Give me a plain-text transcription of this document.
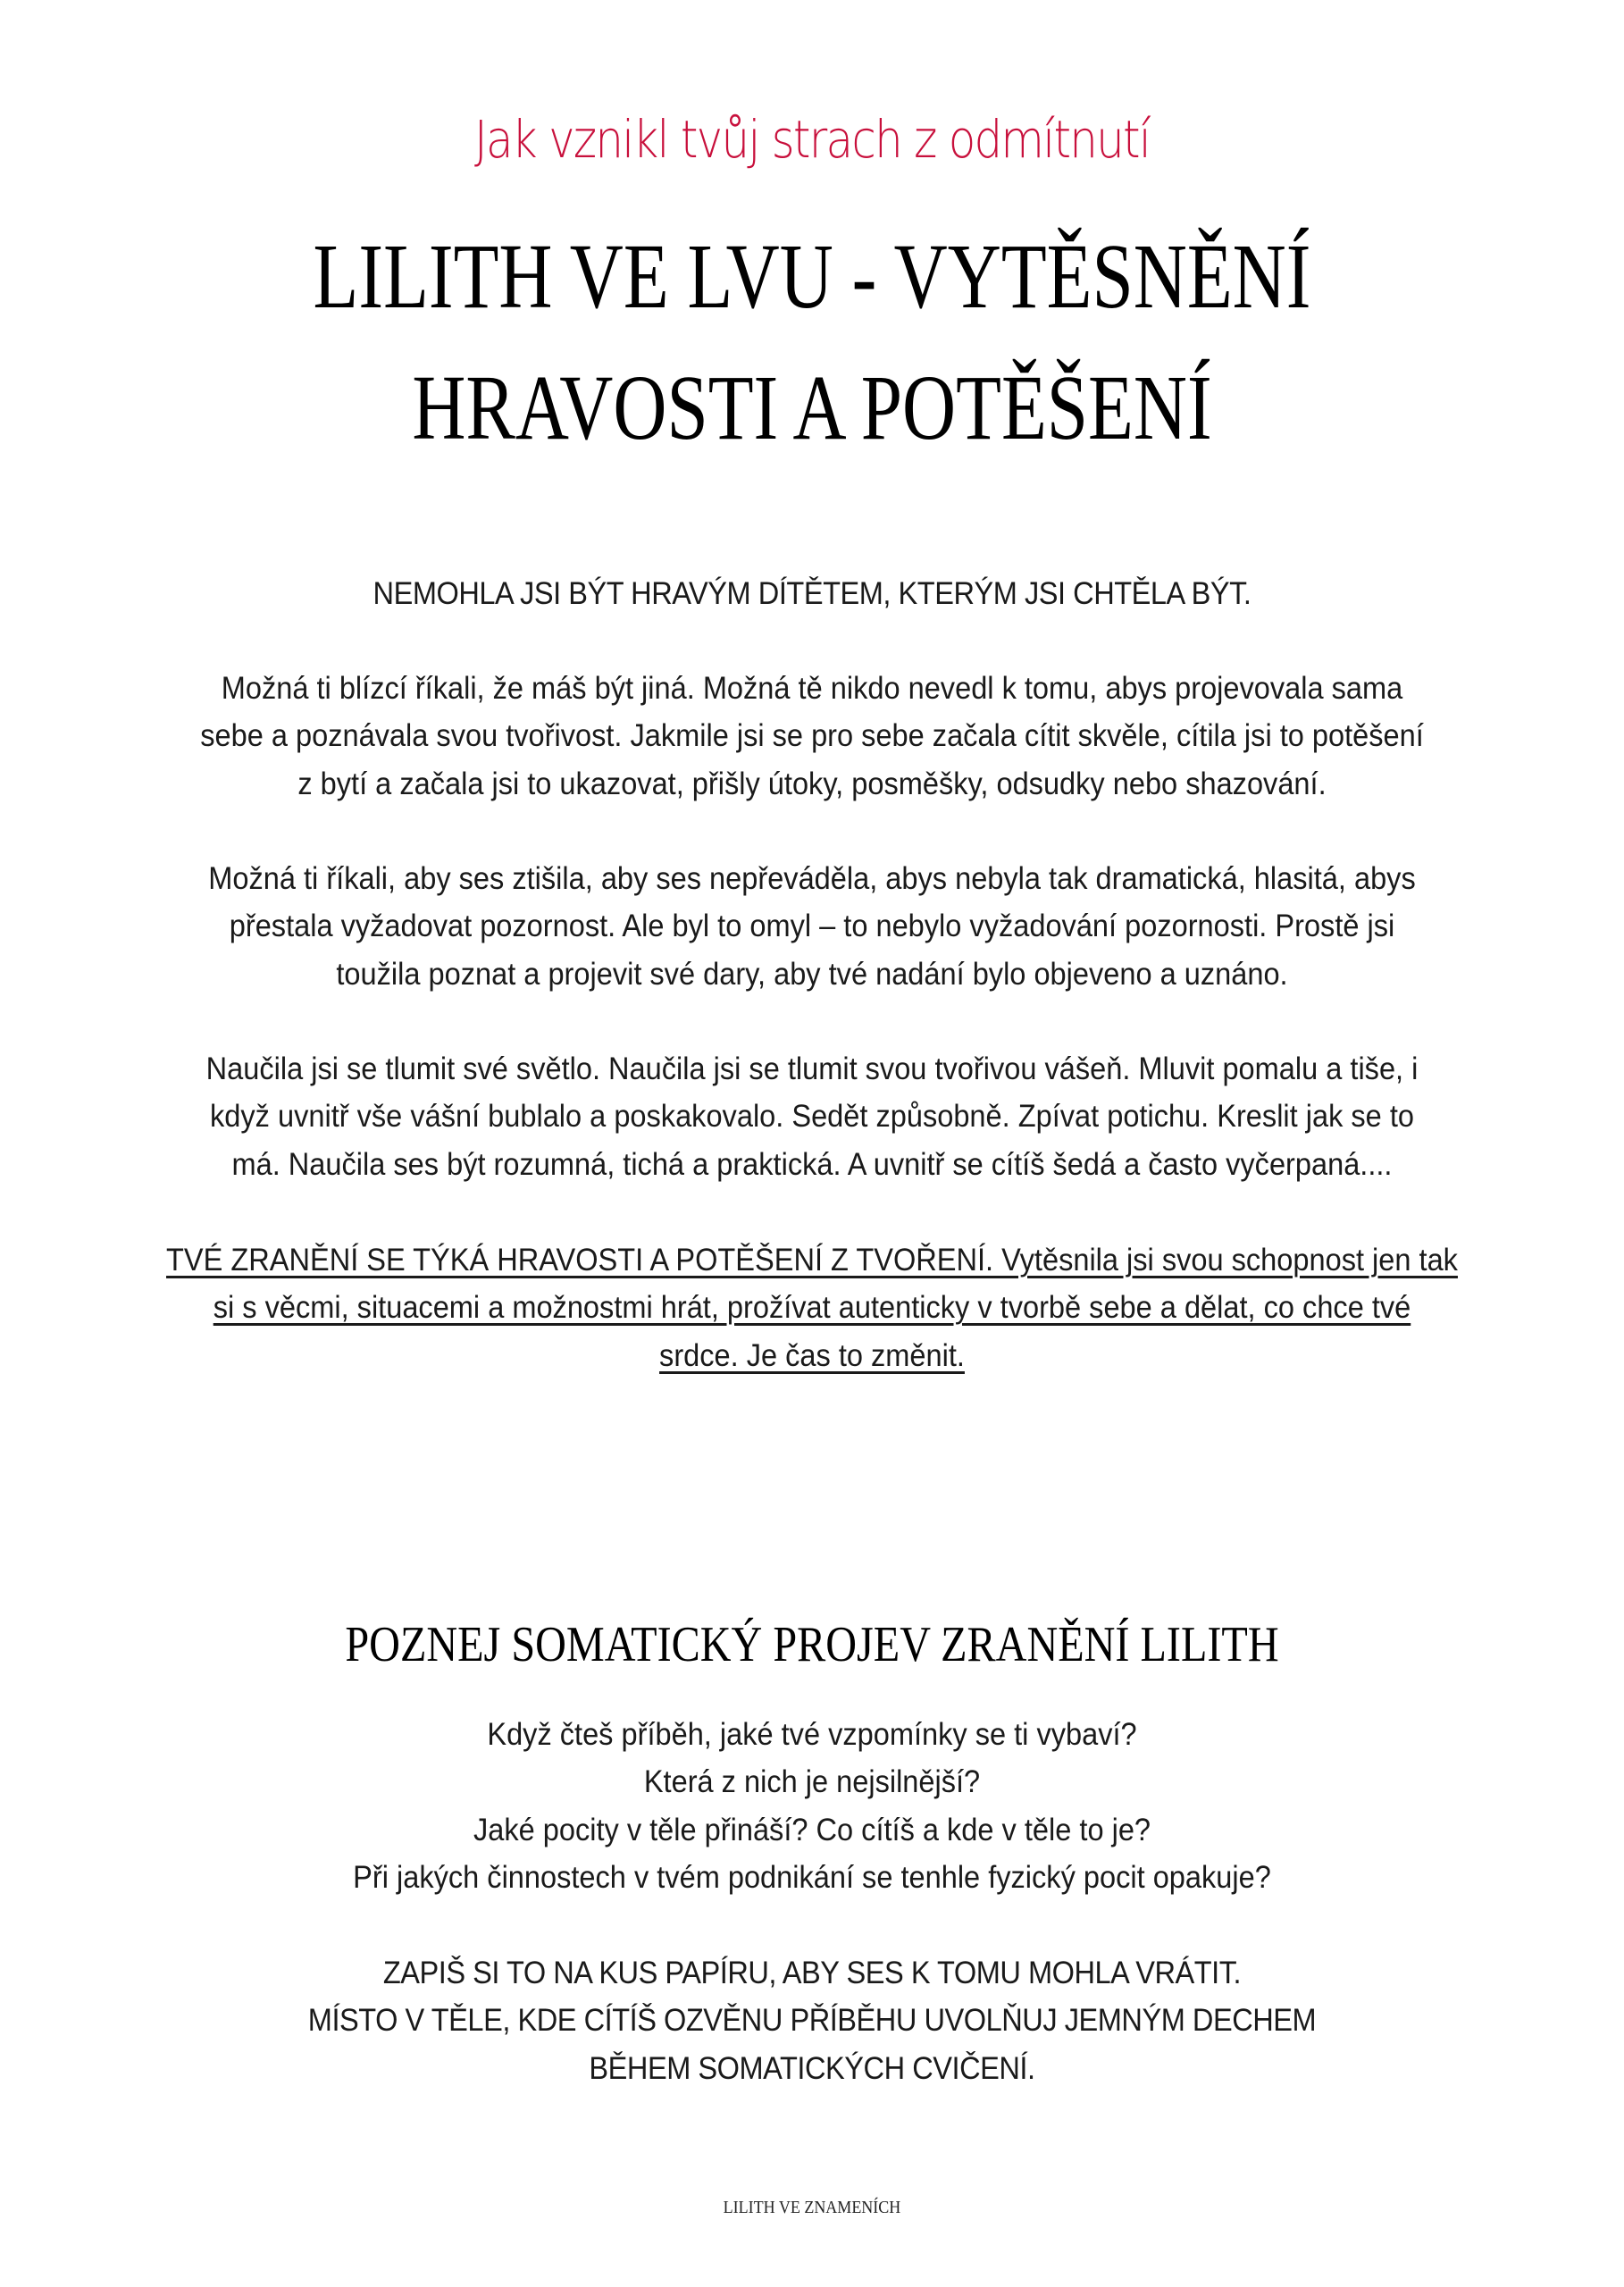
Jak vznikl tvůj strach z odmítnutí
LILITH VE LVU - VYTĚSNĚNÍ
HRAVOSTI A POTĚŠENÍ
NEMOHLA JSI BÝT HRAVÝM DÍTĚTEM, KTERÝM JSI CHTĚLA BÝT.
Možná ti blízcí říkali, že máš být jiná. Možná tě nikdo nevedl k tomu, abys projevovala sama
sebe a poznávala svou tvořivost. Jakmile jsi se pro sebe začala cítit skvěle, cítila jsi to potěšení
z bytí a začala jsi to ukazovat, přišly útoky, posměšky, odsudky nebo shazování.
Možná ti říkali, aby ses ztišila, aby ses nepřeváděla, abys nebyla tak dramatická, hlasitá, abys
přestala vyžadovat pozornost. Ale byl to omyl – to nebylo vyžadování pozornosti. Prostě jsi
toužila poznat a projevit své dary, aby tvé nadání bylo objeveno a uznáno.
Naučila jsi se tlumit své světlo. Naučila jsi se tlumit svou tvořivou vášeň. Mluvit pomalu a tiše, i
když uvnitř vše vášní bublalo a poskakovalo. Sedět způsobně. Zpívat potichu. Kreslit jak se to
má. Naučila ses být rozumná, tichá a praktická. A uvnitř se cítíš šedá a často vyčerpaná....
TVÉ ZRANĚNÍ SE TÝKÁ HRAVOSTI A POTĚŠENÍ Z TVOŘENÍ. Vytěsnila jsi svou schopnost jen tak
si s věcmi, situacemi a možnostmi hrát, prožívat autenticky v tvorbě sebe a dělat, co chce tvé
srdce. Je čas to změnit.
POZNEJ SOMATICKÝ PROJEV ZRANĚNÍ LILITH
Když čteš příběh, jaké tvé vzpomínky se ti vybaví?
Která z nich je nejsilnější?
Jaké pocity v těle přináší? Co cítíš a kde v těle to je?
Při jakých činnostech v tvém podnikání se tenhle fyzický pocit opakuje?
ZAPIŠ SI TO NA KUS PAPÍRU, ABY SES K TOMU MOHLA VRÁTIT.
MÍSTO V TĚLE, KDE CÍTÍŠ OZVĚNU PŘÍBĚHU UVOLŇUJ JEMNÝM DECHEM
BĚHEM SOMATICKÝCH CVIČENÍ.
LILITH VE ZNAMENÍCH
